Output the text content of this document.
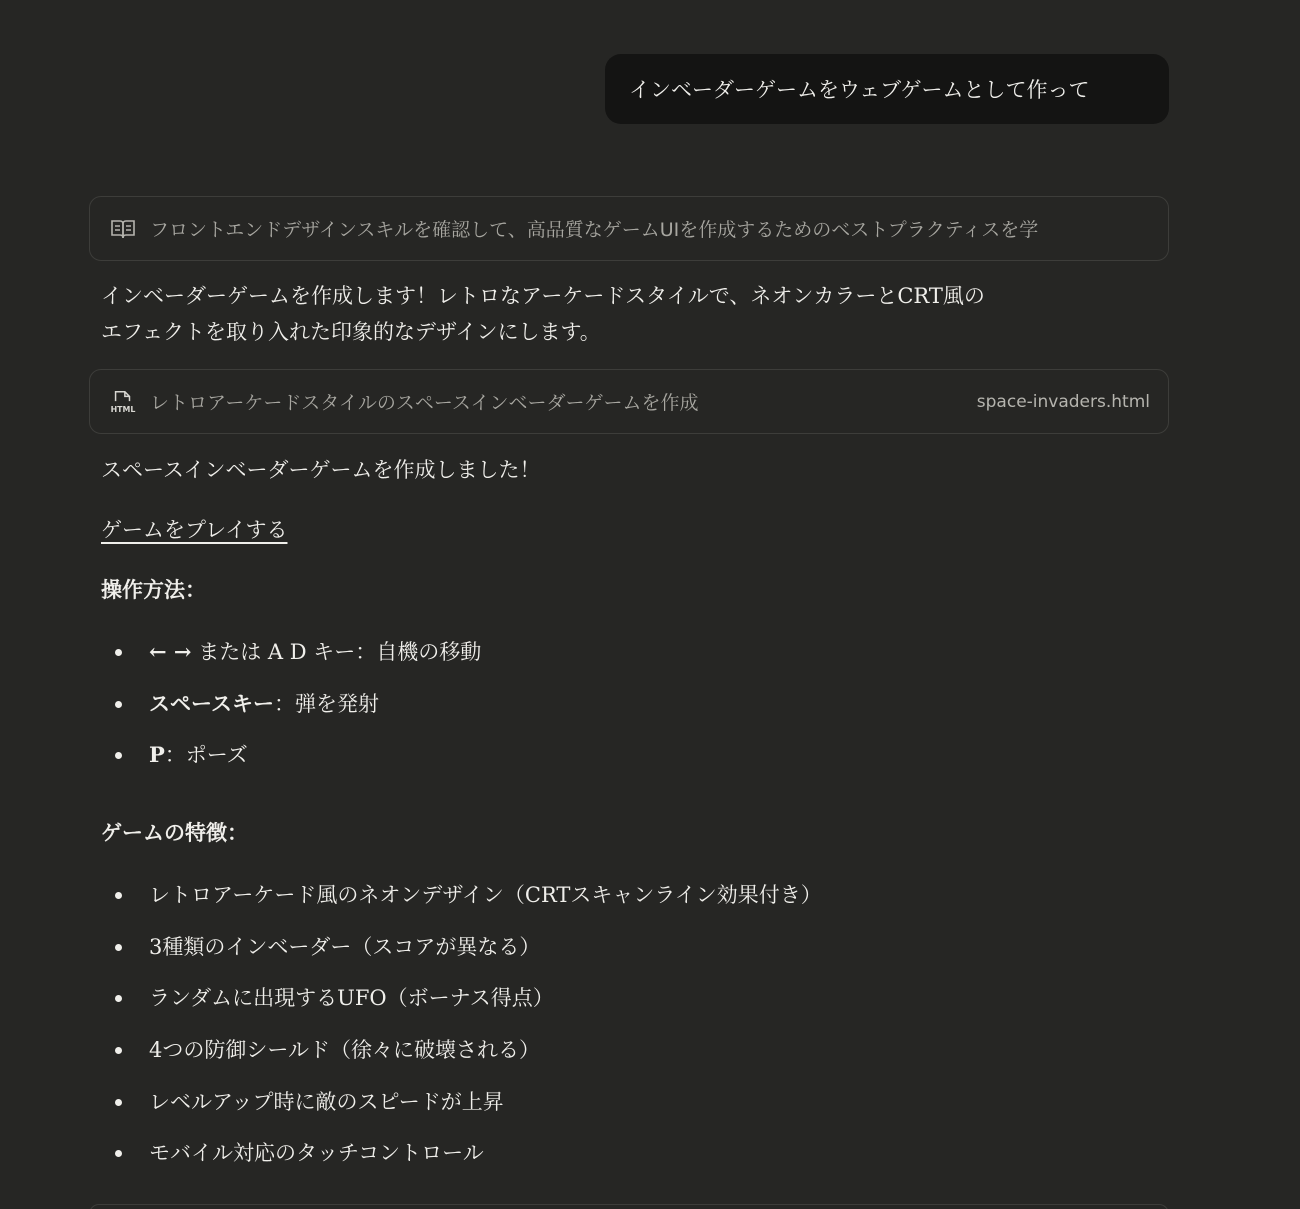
インベーダーゲームをウェブゲームとして作って
フロントエンドデザインスキルを確認して、高品質なゲームUIを作成するためのベストプラクティスを学

インベーダーゲームを作成します！レトロなアーケードスタイルで、ネオンカラーとCRT風の

エフェクトを取り入れた印象的なデザインにします。

HTML レトロアーケードスタイルのスペースインベーダーゲームを作成	space-invaders.html

スペースインベーダーゲームを作成しました！

ゲームをプレイする
操作方法：
← → または A D キー：自機の移動
スペースキー：弾を発射
P：ポーズ
ゲームの特徴：
レトロアーケード風のネオンデザイン（CRTスキャンライン効果付き）
3種類のインベーダー（スコアが異なる）
ランダムに出現するUFO（ボーナス得点）
4つの防御シールド（徐々に破壊される）
レベルアップ時に敵のスピードが上昇
モバイル対応のタッチコントロール
